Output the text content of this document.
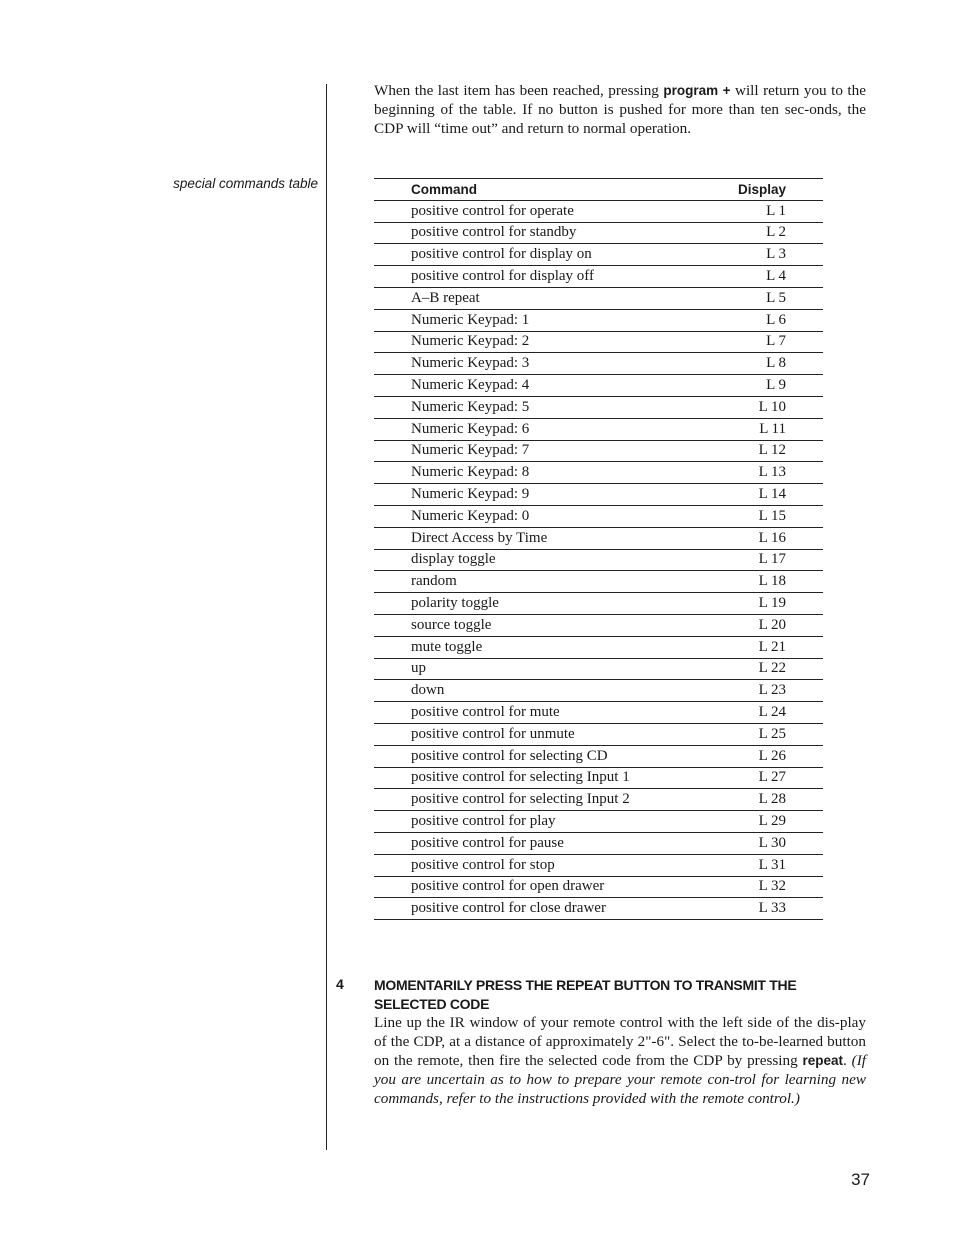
When the last item has been reached, pressing program + will return you to the beginning of the table. If no button is pushed for more than ten sec-onds, the CDP will “time out” and return to normal operation.

special commands table	Command	Display
positive control for operate	L 1
positive control for standby	L 2
positive control for display on	L 3
positive control for display off	L 4
A–B repeat	L 5
Numeric Keypad: 1	L 6
Numeric Keypad: 2	L 7
Numeric Keypad: 3	L 8
Numeric Keypad: 4	L 9
Numeric Keypad: 5	L 10
Numeric Keypad: 6	L 11
Numeric Keypad: 7	L 12
Numeric Keypad: 8	L 13
Numeric Keypad: 9	L 14
Numeric Keypad: 0	L 15
Direct Access by Time	L 16
display toggle	L 17
random	L 18
polarity toggle	L 19
source toggle	L 20
mute toggle	L 21
up	L 22
down	L 23
positive control for mute	L 24
positive control for unmute	L 25
positive control for selecting CD	L 26
positive control for selecting Input 1	L 27
positive control for selecting Input 2	L 28
positive control for play	L 29
positive control for pause	L 30
positive control for stop	L 31
positive control for open drawer	L 32
positive control for close drawer	L 33
4 MOMENTARILY PRESS THE REPEAT BUTTON TO TRANSMIT THE SELECTED CODE

Line up the IR window of your remote control with the left side of the dis-play of the CDP, at a distance of approximately 2"-6". Select the to-be-learned button on the remote, then fire the selected code from the CDP by pressing repeat. (If you are uncertain as to how to prepare your remote con-trol for learning new commands, refer to the instructions provided with the remote control.)

37
